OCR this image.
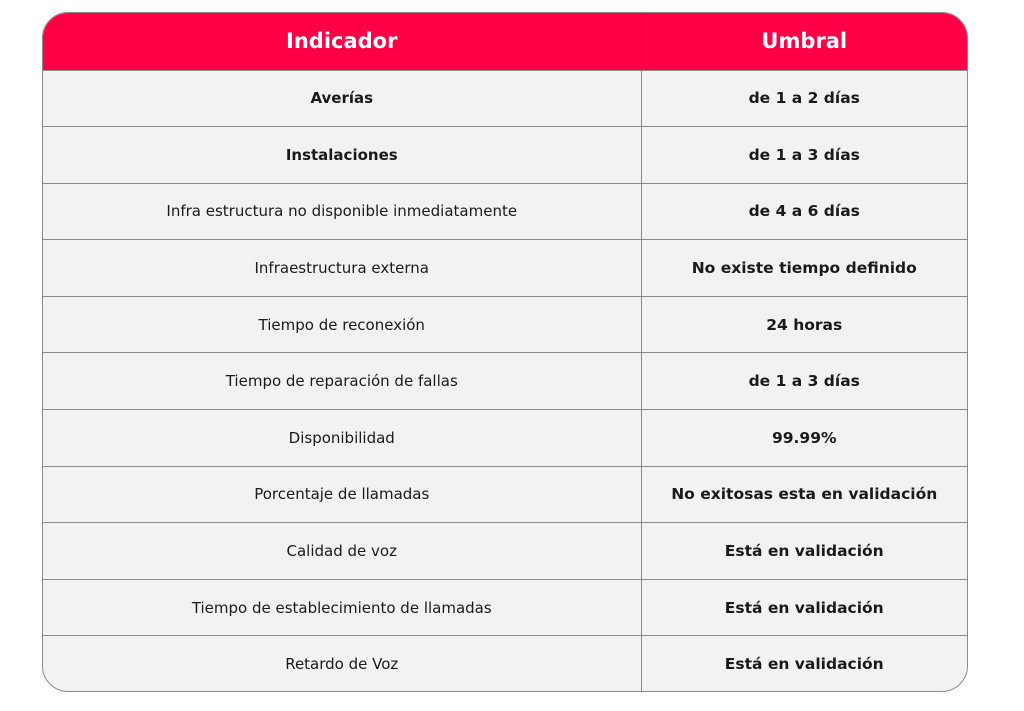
Indicador	Umbral
Averías	de 1 a 2 días
Instalaciones	de 1 a 3 días
Infra estructura no disponible inmediatamente	de 4 a 6 días
Infraestructura externa	No existe tiempo definido
Tiempo de reconexión	24 horas
Tiempo de reparación de fallas	de 1 a 3 días
Disponibilidad	99.99%
Porcentaje de llamadas	No exitosas esta en validación
Calidad de voz	Está en validación
Tiempo de establecimiento de llamadas	Está en validación
Retardo de Voz	Está en validación
